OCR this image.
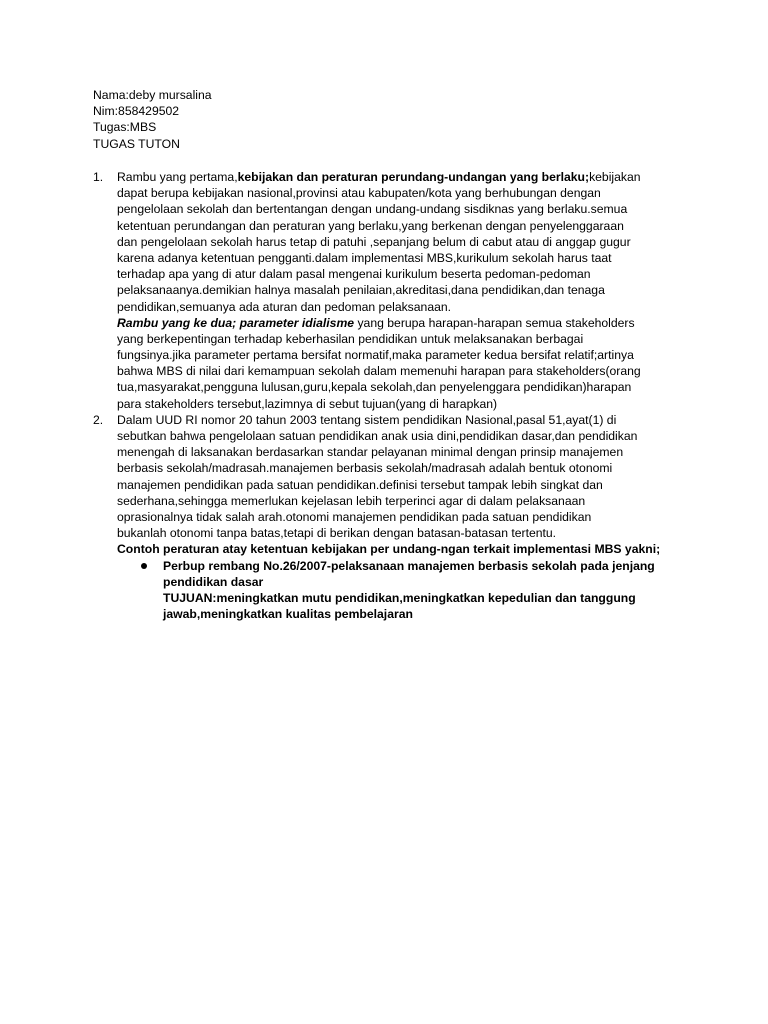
Nama:deby mursalina
Nim:858429502
Tugas:MBS
TUGAS TUTON
1. Rambu yang pertama,kebijakan dan peraturan perundang-undangan yang berlaku;kebijakan
dapat berupa kebijakan nasional,provinsi atau kabupaten/kota yang berhubungan dengan
pengelolaan sekolah dan bertentangan dengan undang-undang sisdiknas yang berlaku.semua
ketentuan perundangan dan peraturan yang berlaku,yang berkenan dengan penyelenggaraan
dan pengelolaan sekolah harus tetap di patuhi ,sepanjang belum di cabut atau di anggap gugur
karena adanya ketentuan pengganti.dalam implementasi MBS,kurikulum sekolah harus taat
terhadap apa yang di atur dalam pasal mengenai kurikulum beserta pedoman-pedoman
pelaksanaanya.demikian halnya masalah penilaian,akreditasi,dana pendidikan,dan tenaga
pendidikan,semuanya ada aturan dan pedoman pelaksanaan.
Rambu yang ke dua; parameter idialisme yang berupa harapan-harapan semua stakeholders
yang berkepentingan terhadap keberhasilan pendidikan untuk melaksanakan berbagai
fungsinya.jika parameter pertama bersifat normatif,maka parameter kedua bersifat relatif;artinya
bahwa MBS di nilai dari kemampuan sekolah dalam memenuhi harapan para stakeholders(orang
tua,masyarakat,pengguna lulusan,guru,kepala sekolah,dan penyelenggara pendidikan)harapan
para stakeholders tersebut,lazimnya di sebut tujuan(yang di harapkan)
2. Dalam UUD RI nomor 20 tahun 2003 tentang sistem pendidikan Nasional,pasal 51,ayat(1) di
sebutkan bahwa pengelolaan satuan pendidikan anak usia dini,pendidikan dasar,dan pendidikan
menengah di laksanakan berdasarkan standar pelayanan minimal dengan prinsip manajemen
berbasis sekolah/madrasah.manajemen berbasis sekolah/madrasah adalah bentuk otonomi
manajemen pendidikan pada satuan pendidikan.definisi tersebut tampak lebih singkat dan
sederhana,sehingga memerlukan kejelasan lebih terperinci agar di dalam pelaksanaan
oprasionalnya tidak salah arah.otonomi manajemen pendidikan pada satuan pendidikan
bukanlah otonomi tanpa batas,tetapi di berikan dengan batasan-batasan tertentu.
Contoh peraturan atay ketentuan kebijakan per undang-ngan terkait implementasi MBS yakni;
Perbup rembang No.26/2007-pelaksanaan manajemen berbasis sekolah pada jenjang
pendidikan dasar
TUJUAN:meningkatkan mutu pendidikan,meningkatkan kepedulian dan tanggung
jawab,meningkatkan kualitas pembelajaran
